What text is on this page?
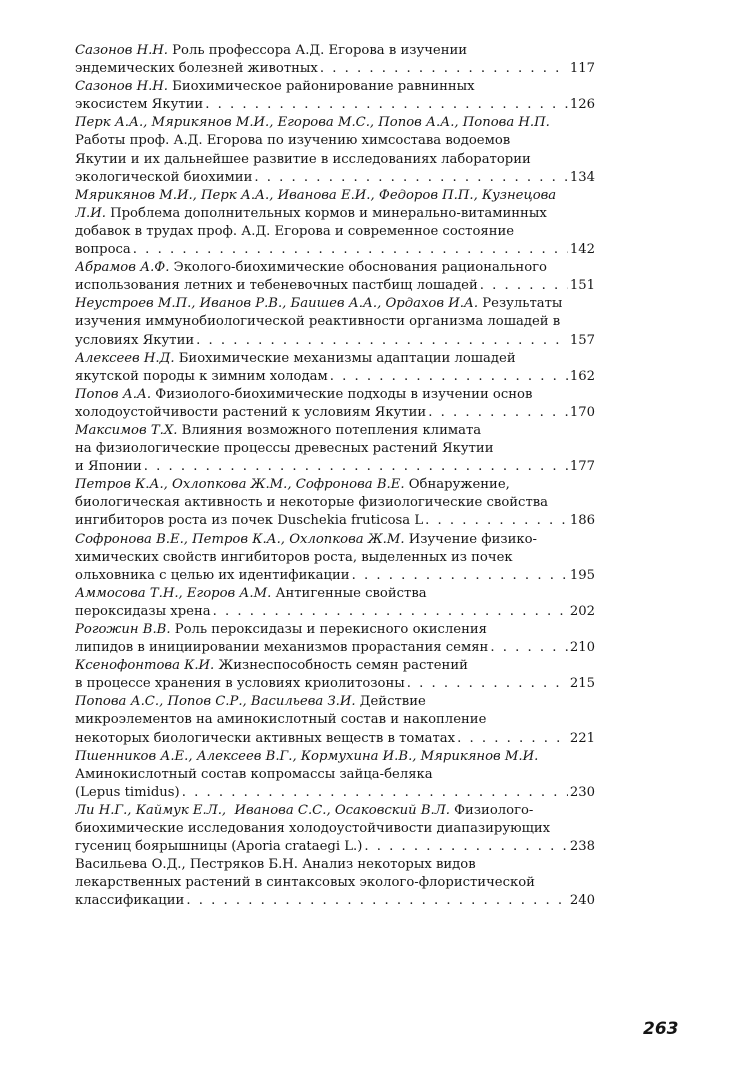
Сазонов Н.Н. Роль профессора А.Д. Егорова в изучении
эндемических болезней животных . . .	117
Сазонов Н.Н. Биохимическое районирование равнинных
экосистем Якутии . . .	126
Перк А.А., Мярикянов М.И., Егорова М.С., Попов А.А., Попова Н.П.
Работы проф. А.Д. Егорова по изучению химсостава водоемов
Якутии и их дальнейшее развитие в исследованиях лаборатории
экологической биохимии . . .	134
Мярикянов М.И., Перк А.А., Иванова Е.И., Федоров П.П., Кузнецова
Л.И. Проблема дополнительных кормов и минерально-витаминных
добавок в трудах проф. А.Д. Егорова и современное состояние
вопроса . . .	142
Абрамов А.Ф. Эколого-биохимические обоснования рационального
использования летних и тебеневочных пастбищ лошадей . . .	151
Неустроев М.П., Иванов Р.В., Баишев А.А., Ордахов И.А. Результаты
изучения иммунобиологической реактивности организма лошадей в
условиях Якутии . . .	157
Алексеев Н.Д. Биохимические механизмы адаптации лошадей
якутской породы к зимним холодам . . .	162
Попов А.А. Физиолого-биохимические подходы в изучении основ
холодоустойчивости растений к условиям Якутии . . .	170
Максимов Т.Х. Влияния возможного потепления климата
на физиологические процессы древесных растений Якутии
и Японии . . .	177
Петров К.А., Охлопкова Ж.М., Софронова В.Е. Обнаружение,
биологическая активность и некоторые физиологические свойства
ингибиторов роста из почек Duschekia fruticosa L . . .	186
Софронова В.Е., Петров К.А., Охлопкова Ж.М. Изучение физико-
химических свойств ингибиторов роста, выделенных из почек
ольховника с целью их идентификации . . .	195
Аммосова Т.Н., Егоров А.М. Антигенные свойства
пероксидазы хрена . . .	202
Рогожин В.В. Роль пероксидазы и перекисного окисления
липидов в инициировании механизмов прорастания семян . . .	210
Ксенофонтова К.И. Жизнеспособность семян растений
в процессе хранения в условиях криолитозоны . . .	215
Попова А.С., Попов С.Р., Васильева З.И. Действие
микроэлементов на аминокислотный состав и накопление
некоторых биологически активных веществ в томатах . . .	221
Пшенников А.Е., Алексеев В.Г., Кормухина И.В., Мярикянов М.И.
Аминокислотный состав копромассы зайца-беляка
(Lepus timidus) . . .	230
Ли Н.Г., Каймук Е.Л.,  Иванова С.С., Осаковский В.Л. Физиолого-
биохимические исследования холодоустойчивости диапазирующих
гусениц боярышницы (Aporia crataegi L.) . . .	238
Васильева О.Д., Пестряков Б.Н. Анализ некоторых видов
лекарственных растений в синтаксовых эколого-флористической
классификации . . .	240
263
